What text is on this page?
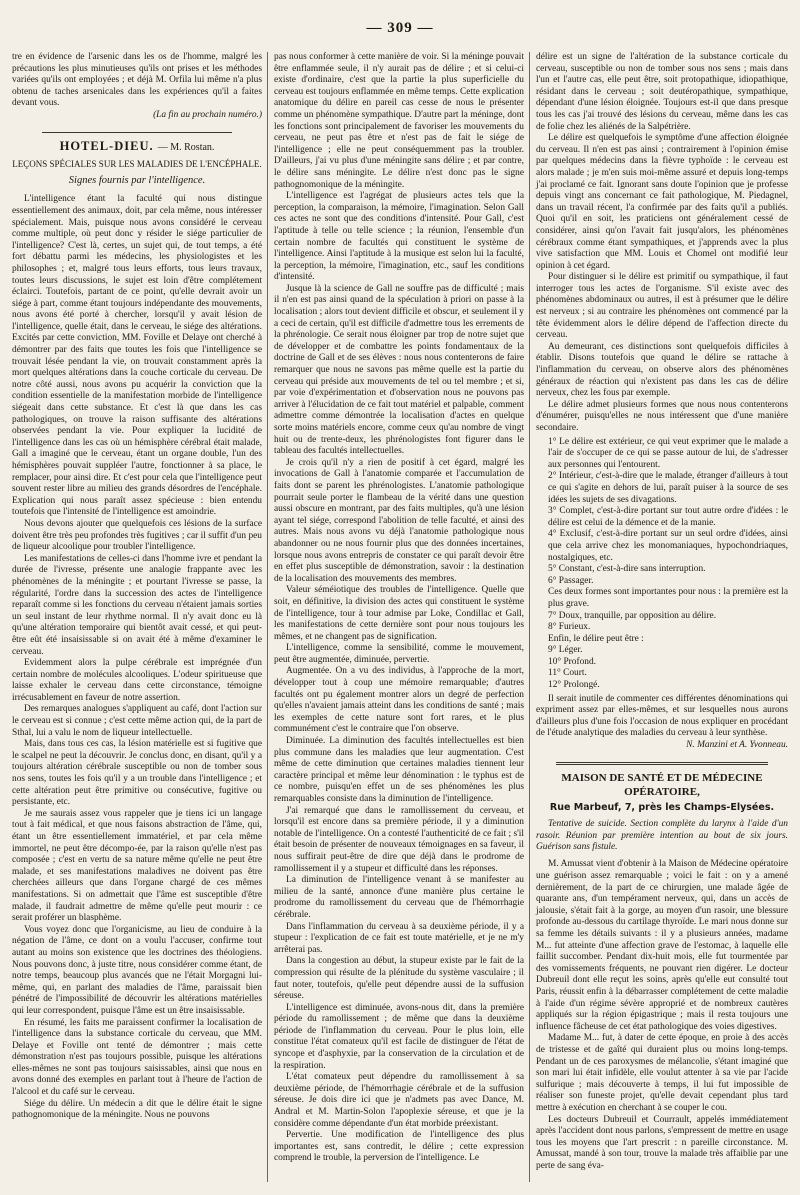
— 309 —

tre en évidence de l'arsenic dans les os de l'homme, malgré les précautions les plus minutieuses qu'ils ont prises et les méthodes variées qu'ils ont employées ; et déjà M. Orfila lui même n'a plus obtenu de taches arsenicales dans les expériences qu'il a faites devant vous.

(La fin au prochain numéro.)
HOTEL-DIEU. — M. Rostan.
LEÇONS SPÉCIALES SUR LES MALADIES DE L'ENCÉPHALE.
Signes fournis par l'intelligence.

L'intelligence étant la faculté qui nous distingue essentiellement des animaux, doit, par cela même, nous intéresser spécialement. Mais, puisque nous avons considéré le cerveau comme multiple, où peut donc y résider le siége particulier de l'intelligence? C'est là, certes, un sujet qui, de tout temps, a été fort débattu parmi les médecins, les physiologistes et les philosophes ; et, malgré tous leurs efforts, tous leurs travaux, toutes leurs discussions, le sujet est loin d'être complétement éclairci. Toutefois, partant de ce point, qu'elle devrait avoir un siége à part, comme étant toujours indépendante des mouvements, nous avons été porté à chercher, lorsqu'il y avait lésion de l'intelligence, quelle était, dans le cerveau, le siége des altérations. Excités par cette conviction, MM. Foville et Delaye ont cherché à démontrer par des faits que toutes les fois que l'intelligence se trouvait lésée pendant la vie, on trouvait constamment après la mort quelques altérations dans la couche corticale du cerveau. De notre côté aussi, nous avons pu acquérir la conviction que la condition essentielle de la manifestation morbide de l'intelligence siégeait dans cette substance. Et c'est là que dans les cas pathologiques, on trouve la raison suffisante des altérations observées pendant la vie. Pour expliquer la lucidité de l'intelligence dans les cas où un hémisphère cérébral était malade, Gall a imaginé que le cerveau, étant un organe double, l'un des hémisphères pouvait suppléer l'autre, fonctionner à sa place, le remplacer, pour ainsi dire. Et c'est pour cela que l'intelligence peut souvent rester libre au milieu des grands désordres de l'encéphale. Explication qui nous paraît assez spécieuse : bien entendu toutefois que l'intensité de l'intelligence est amoindrie.

Nous devons ajouter que quelquefois ces lésions de la surface doivent être très peu profondes très fugitives ; car il suffit d'un peu de liqueur alcoolique pour troubler l'intelligence.

Les manifestations de celles-ci dans l'homme ivre et pendant la durée de l'ivresse, présente une analogie frappante avec les phénomènes de la méningite ; et pourtant l'ivresse se passe, la régularité, l'ordre dans la succession des actes de l'intelligence reparaît comme si les fonctions du cerveau n'étaient jamais sorties un seul instant de leur rhythme normal. Il n'y avait donc eu là qu'une altération temporaire qui bientôt avait cessé, et qui peut-être eût été insaisissable si on avait été à même d'examiner le cerveau.

Evidemment alors la pulpe cérébrale est imprégnée d'un certain nombre de molécules alcooliques. L'odeur spiritueuse que laisse exhaler le cerveau dans cette circonstance, témoigne irrécusablement en faveur de notre assertion.

Des remarques analogues s'appliquent au café, dont l'action sur le cerveau est si connue ; c'est cette même action qui, de la part de Sthal, lui a valu le nom de liqueur intellectuelle.

Mais, dans tous ces cas, la lésion matérielle est si fugitive que le scalpel ne peut la découvrir. Je conclus donc, en disant, qu'il y a toujours altération cérébrale susceptible ou non de tomber sous nos sens, toutes les fois qu'il y a un trouble dans l'intelligence ; et cette altération peut être primitive ou consécutive, fugitive ou persistante, etc.

Je me saurais assez vous rappeler que je tiens ici un langage tout à fait médical, et que nous faisons abstraction de l'âme, qui, étant un être essentiellement immatériel, et par cela même immortel, ne peut être décompo-ée, par la raison qu'elle n'est pas composée ; c'est en vertu de sa nature même qu'elle ne peut être malade, et ses manifestations maladives ne doivent pas être cherchées ailleurs que dans l'organe chargé de ces mêmes manifestations. Si on admettait que l'âme est susceptible d'être malade, il faudrait admettre de même qu'elle peut mourir : ce serait proférer un blasphème.

Vous voyez donc que l'organicisme, au lieu de conduire à la négation de l'âme, ce dont on a voulu l'accuser, confirme tout autant au moins son existence que les doctrines des théologiens. Nous pouvons donc, à juste titre, nous considérer comme étant, de notre temps, beaucoup plus avancés que ne l'était Morgagni lui-même, qui, en parlant des maladies de l'âme, paraissait bien pénétré de l'impossibilité de découvrir les altérations matérielles qui leur correspondent, puisque l'âme est un être insaisissable.

En résumé, les faits me paraissent confirmer la localisation de l'intelligence dans la substance corticale du cerveau, que MM. Delaye et Foville ont tenté de démontrer ; mais cette démonstration n'est pas toujours possible, puisque les altérations elles-mêmes ne sont pas toujours saisissables, ainsi que nous en avons donné des exemples en parlant tout à l'heure de l'action de l'alcool et du café sur le cerveau.

Siége du délire. Un médecin a dit que le délire était le signe pathognomonique de la méningite. Nous ne pouvons

pas nous conformer à cette manière de voir. Si la méninge pouvait être enflammée seule, il n'y aurait pas de délire ; et si celui-ci existe d'ordinaire, c'est que la partie la plus superficielle du cerveau est toujours enflammée en même temps. Cette explication anatomique du délire en pareil cas cesse de nous le présenter comme un phénomène sympathique. D'autre part la méninge, dont les fonctions sont principalement de favoriser les mouvements du cerveau, ne peut pas être et n'est pas de fait le siége de l'intelligence ; elle ne peut conséquemment pas la troubler. D'ailleurs, j'ai vu plus d'une méningite sans délire ; et par contre, le délire sans méningite. Le délire n'est donc pas le signe pathognomonique de la méningite.

L'intelligence est l'agrégat de plusieurs actes tels que la perception, la comparaison, la mémoire, l'imagination. Selon Gall ces actes ne sont que des conditions d'intensité. Pour Gall, c'est l'aptitude à telle ou telle science ; la réunion, l'ensemble d'un certain nombre de facultés qui constituent le système de l'intelligence. Ainsi l'aptitude à la musique est selon lui la faculté, la perception, la mémoire, l'imagination, etc., sauf les conditions d'intensité.

Jusque là la science de Gall ne souffre pas de difficulté ; mais il n'en est pas ainsi quand de la spéculation à priori on passe à la localisation ; alors tout devient difficile et obscur, et seulement il y a ceci de certain, qu'il est difficile d'admettre tous les errements de la phrénologie. Ce serait nous éloigner par trop de notre sujet que de développer et de combattre les points fondamentaux de la doctrine de Gall et de ses élèves : nous nous contenterons de faire remarquer que nous ne savons pas même quelle est la partie du cerveau qui préside aux mouvements de tel ou tel membre ; et si, par voie d'expérimentation et d'observation nous ne pouvons pas arriver à l'élucidation de ce fait tout matériel et palpable, comment admettre comme démontrée la localisation d'actes en quelque sorte moins matériels encore, comme ceux qu'au nombre de vingt huit ou de trente-deux, les phrénologistes font figurer dans le tableau des facultés intellectuelles.

Je crois qu'il n'y a rien de positif à cet égard, malgré les invocations de Gall à l'anatomie comparée et l'accumulation de faits dont se parent les phrénologistes. L'anatomie pathologique pourrait seule porter le flambeau de la vérité dans une question aussi obscure en montrant, par des faits multiples, qu'à une lésion ayant tel siége, correspond l'abolition de telle faculté, et ainsi des autres. Mais nous avons vu déjà l'anatomie pathologique nous abandonner ou ne nous fournir plus que des données incertaines, lorsque nous avons entrepris de constater ce qui paraît devoir être en effet plus susceptible de démonstration, savoir : la destination de la localisation des mouvements des membres.

Valeur séméiotique des troubles de l'intelligence. Quelle que soit, en définitive, la division des actes qui constituent le système de l'intelligence, tour à tour admise par Loke, Condillac et Gall, les manifestations de cette dernière sont pour nous toujours les mêmes, et ne changent pas de signification.

L'intelligence, comme la sensibilité, comme le mouvement, peut être augmentée, diminuée, pervertie.

Augmentée. On a vu des individus, à l'approche de la mort, développer tout à coup une mémoire remarquable; d'autres facultés ont pu également montrer alors un degré de perfection qu'elles n'avaient jamais atteint dans les conditions de santé ; mais les exemples de cette nature sont fort rares, et le plus communément c'est le contraire que l'on observe.

Diminuée. La diminution des facultés intellectuelles est bien plus commune dans les maladies que leur augmentation. C'est même de cette diminution que certaines maladies tiennent leur caractère principal et même leur dénomination : le typhus est de ce nombre, puisqu'en effet un de ses phénomènes les plus remarquables consiste dans la diminution de l'intelligence.

J'ai remarqué que dans le ramollissement du cerveau, et lorsqu'il est encore dans sa première période, il y a diminution notable de l'intelligence. On a contesté l'authenticité de ce fait ; s'il était besoin de présenter de nouveaux témoignages en sa faveur, il nous suffirait peut-être de dire que déjà dans le prodrome de ramollissement il y a stupeur et difficulté dans les réponses.

La diminution de l'intelligence venant à se manifester au milieu de la santé, annonce d'une manière plus certaine le prodrome du ramollissement du cerveau que de l'hémorrhagie cérébrale.

Dans l'inflammation du cerveau à sa deuxième période, il y a stupeur : l'explication de ce fait est toute matérielle, et je ne m'y arrêterai pas.

Dans la congestion au début, la stupeur existe par le fait de la compression qui résulte de la plénitude du système vasculaire ; il faut noter, toutefois, qu'elle peut dépendre aussi de la suffusion séreuse.

L'intelligence est diminuée, avons-nous dit, dans la première période du ramollissement ; de même que dans la deuxième période de l'inflammation du cerveau. Pour le plus loin, elle constitue l'état comateux qu'il est facile de distinguer de l'état de syncope et d'asphyxie, par la conservation de la circulation et de la respiration.

L'état comateux peut dépendre du ramollissement à sa deuxième période, de l'hémorrhagie cérébrale et de la suffusion séreuse. Je dois dire ici que je n'admets pas avec Dance, M. Andral et M. Martin-Solon l'apoplexie séreuse, et que je la considère comme dépendante d'un état morbide préexistant.

Pervertie. Une modification de l'intelligence des plus importantes est, sans contredit, le délire ; cette expression comprend le trouble, la perversion de l'intelligence. Le

délire est un signe de l'altération de la substance corticale du cerveau, susceptible ou non de tomber sous nos sens ; mais dans l'un et l'autre cas, elle peut être, soit protopathique, idiopathique, résidant dans le cerveau ; soit deutéropathique, sympathique, dépendant d'une lésion éloignée. Toujours est-il que dans presque tous les cas j'ai trouvé des lésions du cerveau, même dans les cas de folie chez les aliénés de la Salpétrière.

Le délire est quelquefois le symptôme d'une affection éloignée du cerveau. Il n'en est pas ainsi ; contrairement à l'opinion émise par quelques médecins dans la fièvre typhoïde : le cerveau est alors malade ; je m'en suis moi-même assuré et depuis long-temps j'ai proclamé ce fait. Ignorant sans doute l'opinion que je professe depuis vingt ans concernant ce fait pathologique, M. Piedagnel, dans un travail récent, l'a confirmée par des faits qu'il a publiés. Quoi qu'il en soit, les praticiens ont généralement cessé de considérer, ainsi qu'on l'avait fait jusqu'alors, les phénomènes cérébraux comme étant sympathiques, et j'apprends avec la plus vive satisfaction que MM. Louis et Chomel ont modifié leur opinion à cet égard.

Pour distinguer si le délire est primitif ou sympathique, il faut interroger tous les actes de l'organisme. S'il existe avec des phénomènes abdominaux ou autres, il est à présumer que le délire est nerveux ; si au contraire les phénomènes ont commencé par la tête évidemment alors le délire dépend de l'affection directe du cerveau.

Au demeurant, ces distinctions sont quelquefois difficiles à établir. Disons toutefois que quand le délire se rattache à l'inflammation du cerveau, on observe alors des phénomènes généraux de réaction qui n'existent pas dans les cas de délire nerveux, chez les fous par exemple.

Le délire admet plusieurs formes que nous nous contenterons d'énumérer, puisqu'elles ne nous intéressent que d'une manière secondaire.

1° Le délire est extérieur, ce qui veut exprimer que le malade a l'air de s'occuper de ce qui se passe autour de lui, de s'adresser aux personnes qui l'entourent.
2° Intérieur, c'est-à-dire que le malade, étranger d'ailleurs à tout ce qui s'agite en dehors de lui, paraît puiser à la source de ses idées les sujets de ses divagations.
3° Complet, c'est-à-dire portant sur tout autre ordre d'idées : le délire est celui de la démence et de la manie.
4° Exclusif, c'est-à-dire portant sur un seul ordre d'idées, ainsi que cela arrive chez les monomaniaques, hypochondriaques, nostalgiques, etc.
5° Constant, c'est-à-dire sans interruption.
6° Passager.
Ces deux formes sont importantes pour nous : la première est la plus grave.
7° Doux, tranquille, par opposition au délire.
8° Furieux.
Enfin, le délire peut être :
9° Léger.
10° Profond.
11° Court.
12° Prolongé.

Il serait inutile de commenter ces différentes dénominations qui expriment assez par elles-mêmes, et sur lesquelles nous aurons d'ailleurs plus d'une fois l'occasion de nous expliquer en procédant de l'étude analytique des maladies du cerveau à leur synthèse.

N. Manzini et A. Yvonneau.
MAISON DE SANTÉ ET DE MÉDECINE OPÉRATOIRE,
Rue Marbeuf, 7, près les Champs-Elysées.
Tentative de suicide. Section complète du larynx à l'aide d'un rasoir. Réunion par première intention au bout de six jours. Guérison sans fistule.

M. Amussat vient d'obtenir à la Maison de Médecine opératoire une guérison assez remarquable ; voici le fait : on y a amené dernièrement, de la part de ce chirurgien, une malade âgée de quarante ans, d'un tempérament nerveux, qui, dans un accès de jalousie, s'était fait à la gorge, au moyen d'un rasoir, une blessure profonde au-dessous du cartilage thyroïde. Le mari nous donne sur sa femme les détails suivants : il y a plusieurs années, madame M... fut atteinte d'une affection grave de l'estomac, à laquelle elle faillit succomber. Pendant dix-huit mois, elle fut tourmentée par des vomissements fréquents, ne pouvant rien digérer. Le docteur Dubreuil dont elle reçut les soins, après qu'elle eut consulté tout Paris, réussit enfin à la débarrasser complétement de cette maladie à l'aide d'un régime sévère approprié et de nombreux cautères appliqués sur la région épigastrique ; mais il resta toujours une influence fâcheuse de cet état pathologique des voies digestives.

Madame M... fut, à dater de cette époque, en proie à des accès de tristesse et de gaîté qui duraient plus ou moins long-temps. Pendant un de ces paroxysmes de mélancolie, s'étant imaginé que son mari lui était infidèle, elle voulut attenter à sa vie par l'acide sulfurique ; mais découverte à temps, il lui fut impossible de réaliser son funeste projet, qu'elle devait cependant plus tard mettre à exécution en cherchant à se couper le cou.

Les docteurs Dubreuil et Courrault, appelés immédiatement après l'accident dont nous parlons, s'empressent de mettre en usage tous les moyens que l'art prescrit : n pareille circonstance. M. Amussat, mandé à son tour, trouve la malade très affaiblie par une perte de sang éva-
